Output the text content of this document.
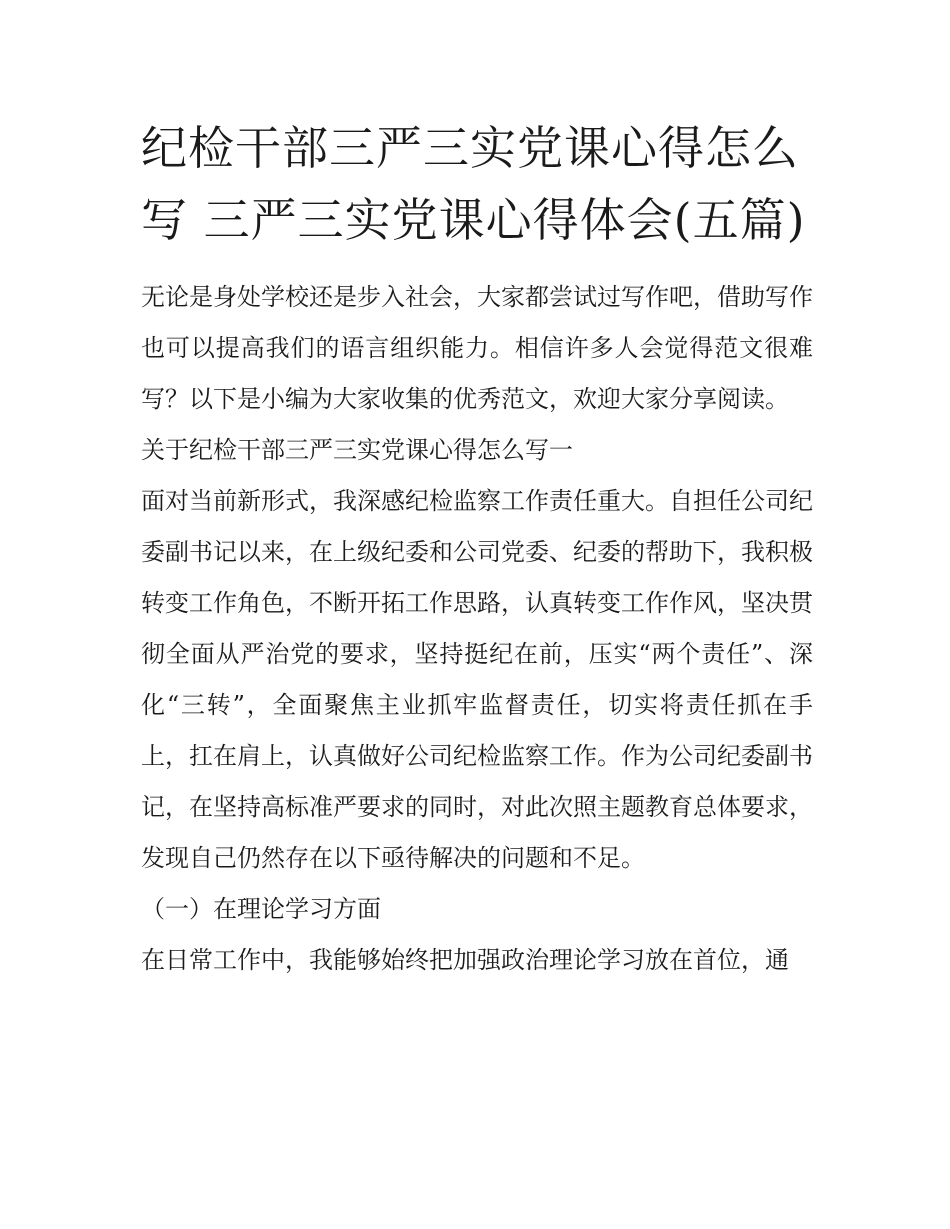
纪检干部三严三实党课心得怎么写 三严三实党课心得体会(五篇)

无论是身处学校还是步入社会，大家都尝试过写作吧，借助写作也可以提高我们的语言组织能力。相信许多人会觉得范文很难写？以下是小编为大家收集的优秀范文，欢迎大家分享阅读。

关于纪检干部三严三实党课心得怎么写一

面对当前新形式，我深感纪检监察工作责任重大。自担任公司纪委副书记以来，在上级纪委和公司党委、纪委的帮助下，我积极转变工作角色，不断开拓工作思路，认真转变工作作风，坚决贯彻全面从严治党的要求，坚持挺纪在前，压实“两个责任”、深化“三转”，全面聚焦主业抓牢监督责任，切实将责任抓在手上，扛在肩上，认真做好公司纪检监察工作。作为公司纪委副书记，在坚持高标准严要求的同时，对此次照主题教育总体要求，发现自己仍然存在以下亟待解决的问题和不足。

（一）在理论学习方面

在日常工作中，我能够始终把加强政治理论学习放在首位，通
